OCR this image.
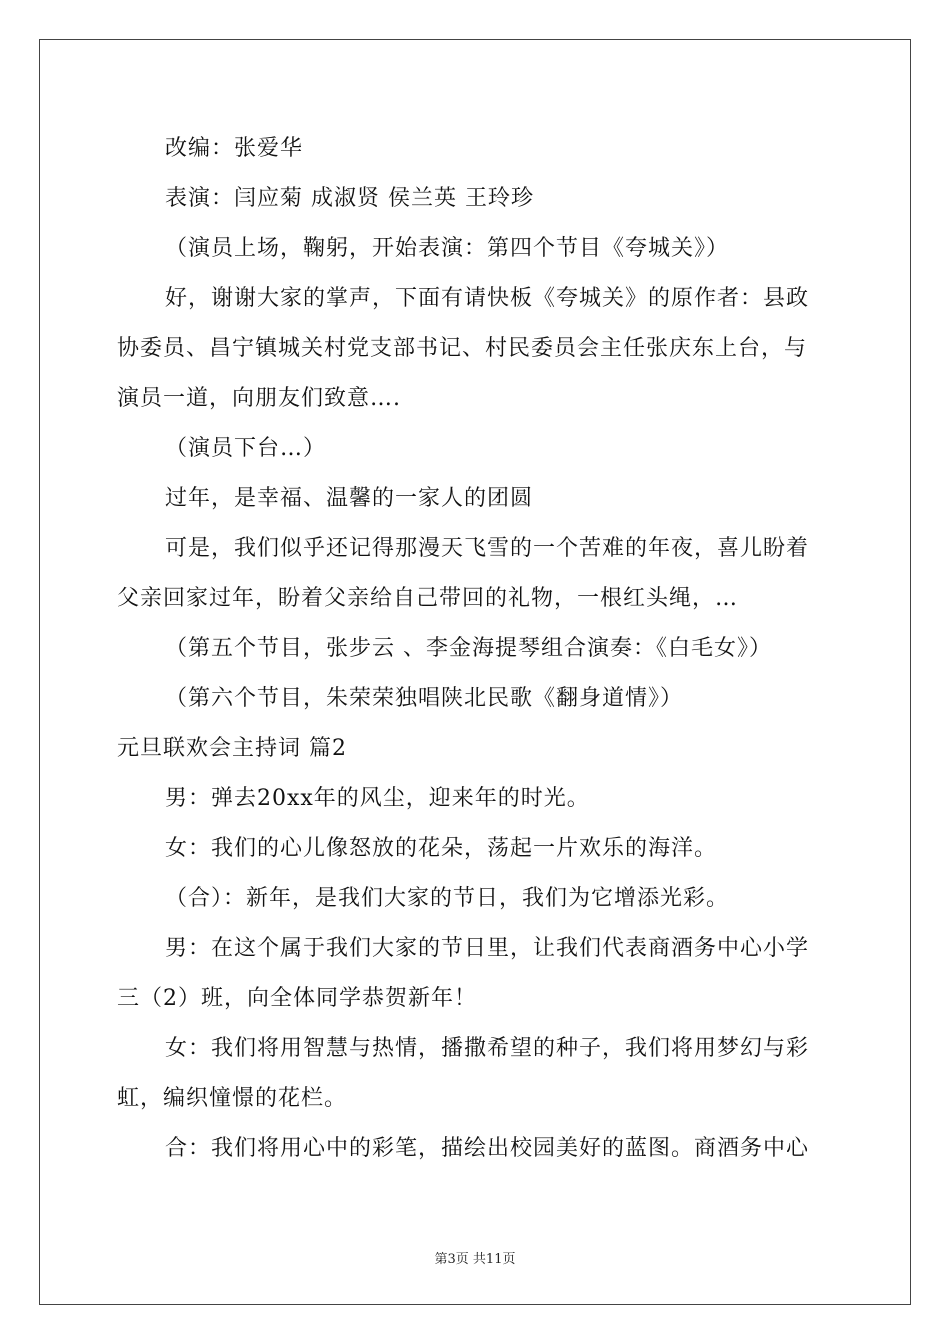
改编：张爱华
表演：闫应菊 成淑贤 侯兰英 王玲珍
（演员上场，鞠躬，开始表演：第四个节目《夸城关》）
好，谢谢大家的掌声，下面有请快板《夸城关》的原作者：县政
协委员、昌宁镇城关村党支部书记、村民委员会主任张庆东上台，与
演员一道，向朋友们致意….
（演员下台…）
过年，是幸福、温馨的一家人的团圆
可是，我们似乎还记得那漫天飞雪的一个苦难的年夜，喜儿盼着
父亲回家过年，盼着父亲给自己带回的礼物，一根红头绳，…
（第五个节目，张步云 、李金海提琴组合演奏：《白毛女》）
（第六个节目，朱荣荣独唱陕北民歌《翻身道情》）
元旦联欢会主持词 篇2
男：弹去20xx年的风尘，迎来年的时光。
女：我们的心儿像怒放的花朵，荡起一片欢乐的海洋。
（合）：新年，是我们大家的节日，我们为它增添光彩。
男：在这个属于我们大家的节日里，让我们代表商酒务中心小学
三（2）班，向全体同学恭贺新年！
女：我们将用智慧与热情，播撒希望的种子，我们将用梦幻与彩
虹，编织憧憬的花栏。
合：我们将用心中的彩笔，描绘出校园美好的蓝图。商酒务中心
第3页 共11页
